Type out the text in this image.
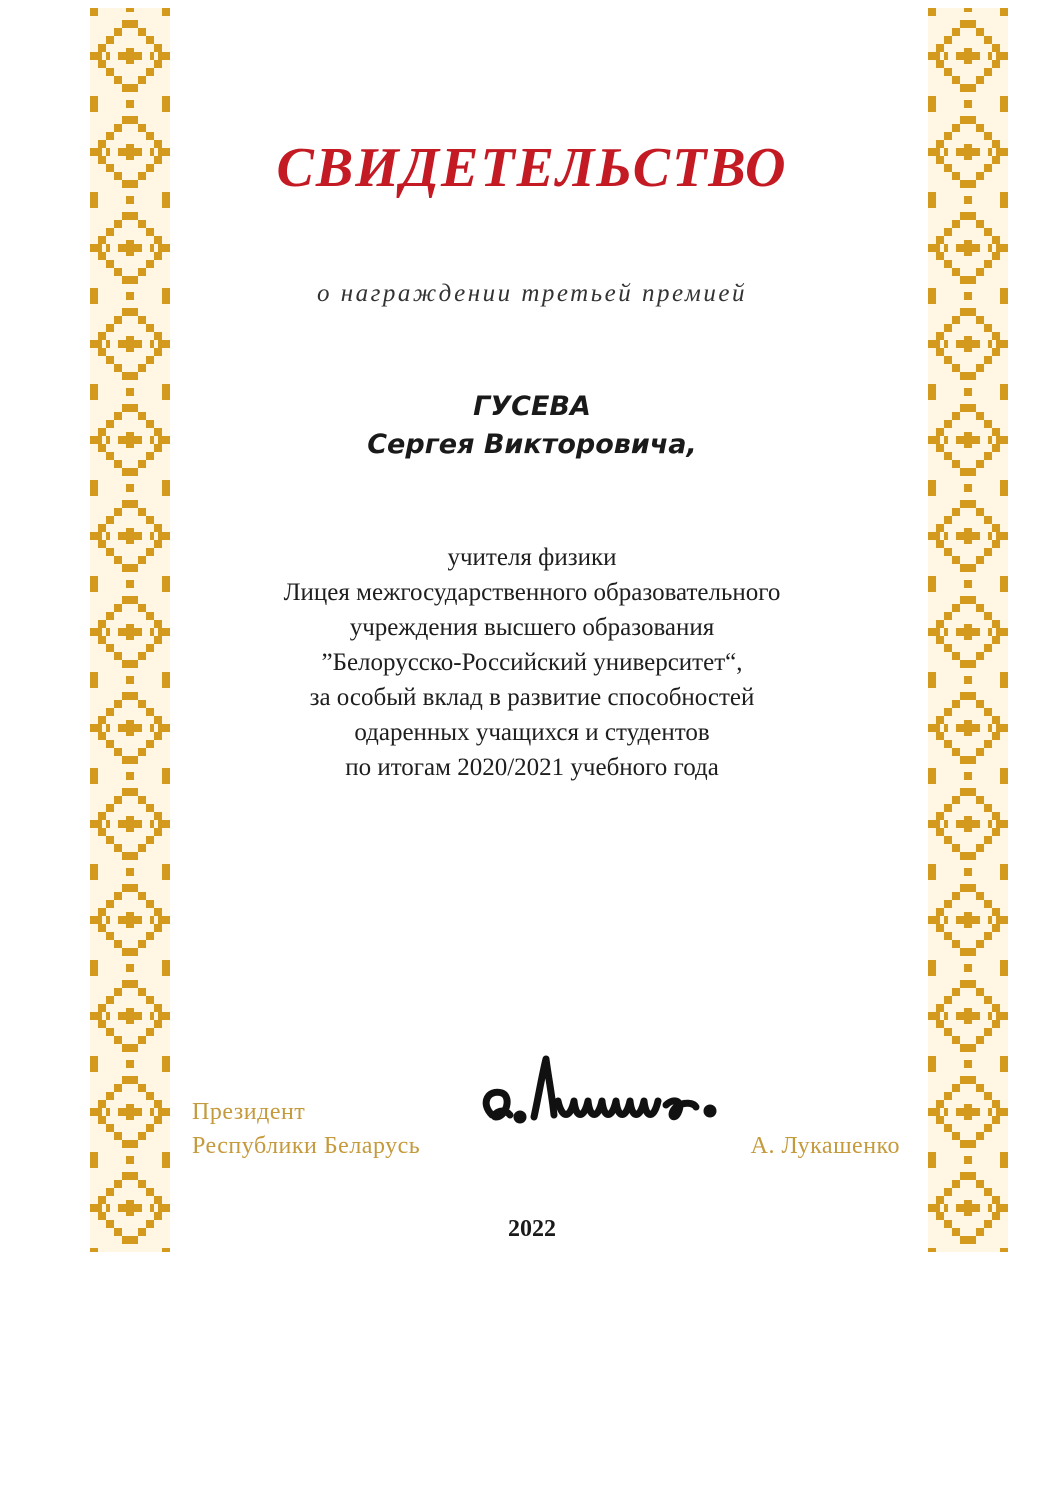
СВИДЕТЕЛЬСТВО
о награждении третьей премией
ГУСЕВА
Сергея Викторовича,
учителя физики
Лицея межгосударственного образовательного
учреждения высшего образования
”Белорусско-Российский университет“,
за особый вклад в развитие способностей
одаренных учащихся и студентов
по итогам 2020/2021 учебного года
Президент
Республики Беларусь	А. Лукашенко
2022
